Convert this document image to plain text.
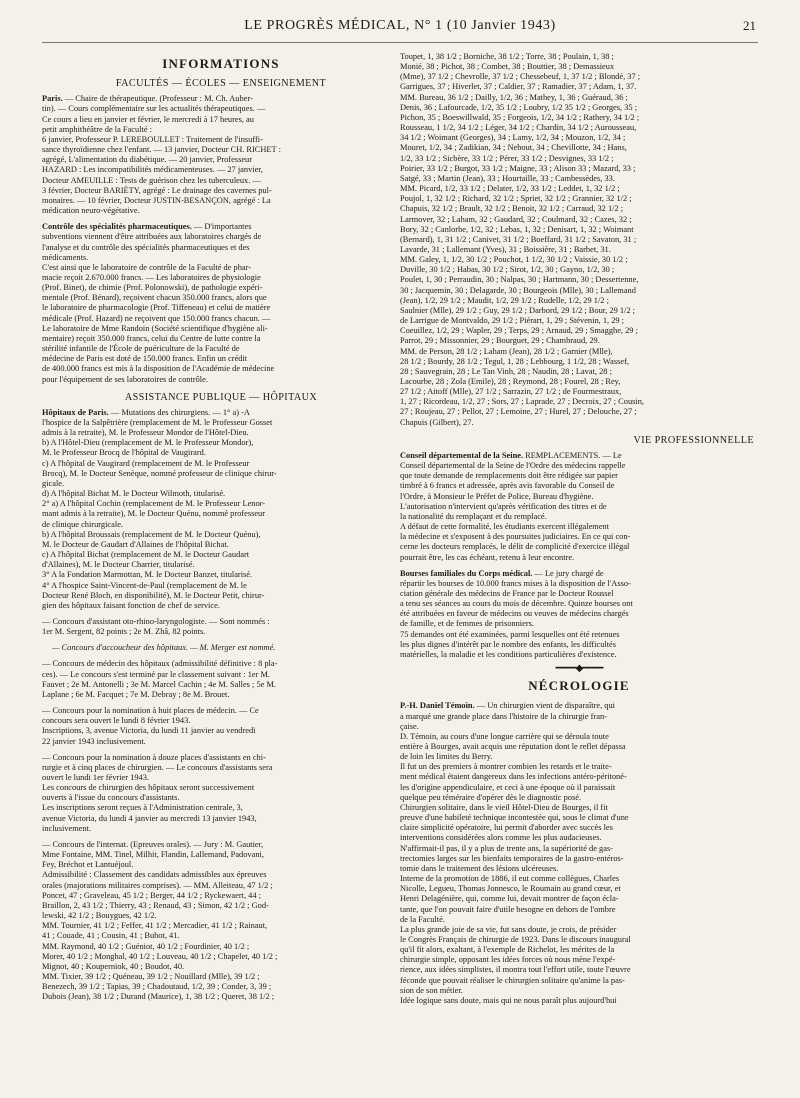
LE PROGRÈS MÉDICAL, N° 1 (10 Janvier 1943)	21
INFORMATIONS
FACULTÉS — ÉCOLES — ENSEIGNEMENT
Paris. — Chaire de thérapeutique. (Professeur : M. Ch. Auber-

tin). — Cours complémentaire sur les actualités thérapeutiques. —

Ce cours a lieu en janvier et février, le mercredi à 17 heures, au

petit amphithéâtre de la Faculté :

6 janvier, Professeur P. LEREBOULLET : Traitement de l'insuffi-

sance thyroïdienne chez l'enfant. — 13 janvier, Docteur CH. RICHET :

agrégé, L'alimentation du diabétique. — 20 janvier, Professeur

HAZARD : Les incompatibilités médicamenteuses. — 27 janvier,

Docteur AMEUILLE : Tests de guérison chez les tuberculeux. —

3 février, Docteur BARIÉTY, agrégé : Le drainage des cavernes pul-

monaires. — 10 février, Docteur JUSTIN-BESANÇON, agrégé : La

médication neuro-végétative.

Contrôle des spécialités pharmaceutiques. — D'importantes

subventions viennent d'être attribuées aux laboratoires chargés de

l'analyse et du contrôle des spécialités pharmaceutiques et des

médicaments.

C'est ainsi que le laboratoire de contrôle de la Faculté de phar-

macie reçoit 2.670.000 francs. — Les laboratoires de physiologie

(Prof. Binet), de chimie (Prof. Polonowski), de pathologie expéri-

mentale (Prof. Bénard), reçoivent chacun 350.000 francs, alors que

le laboratoire de pharmacologie (Prof. Tiffeneau) et celui de matière

médicale (Prof. Hazard) ne reçoivent que 150.000 francs chacun. —

Le laboratoire de Mme Randoin (Société scientifique d'hygiène ali-

mentaire) reçoit 350.000 francs, celui du Centre de lutte contre la

stérilité infantile de l'École de puériculture de la Faculté de

médecine de Paris est doté de 150.000 francs. Enfin un crédit

de 400.000 francs est mis à la disposition de l'Académie de médecine

pour l'équipement de ses laboratoires de contrôle.

ASSISTANCE PUBLIQUE — HÔPITAUX
Hôpitaux de Paris. — Mutations des chirurgiens. — 1° a) -A

l'hospice de la Salpêtrière (remplacement de M. le Professeur Gosset

admis à la retraite), M. le Professeur Mondor de l'Hôtel-Dieu.

b) A l'Hôtel-Dieu (remplacement de M. le Professeur Mondor),

M. le Professeur Brocq de l'hôpital de Vaugirard.

c) A l'hôpital de Vaugirard (remplacement de M. le Professeur

Brocq), M. le Docteur Senèque, nommé professeur de clinique chirur-

gicale.

d) A l'hôpital Bichat M. le Docteur Wilmoth, titularisé.

2° a) A l'hôpital Cochin (remplacement de M. le Professeur Lenor-

mant admis à la retraite), M. le Docteur Quénu, nommé professeur

de clinique chirurgicale.

b) A l'hôpital Broussais (remplacement de M. le Docteur Quénu),

M. le Docteur de Gaudart d'Allaines de l'hôpital Bichat.

c) A l'hôpital Bichat (remplacement de M. le Docteur Gaudart

d'Allaines), M. le Docteur Charrier, titularisé.

3° A la Fondation Marmottan, M. le Docteur Banzet, titularisé.

4° A l'hospice Saint-Vincent-de-Paul (remplacement de M. le

Docteur René Bloch, en disponibilité), M. le Docteur Petit, chirur-

gien des hôpitaux faisant fonction de chef de service.

— Concours d'assistant oto-rhino-laryngologiste. — Sont nommés :

1er M. Sergent, 82 points ; 2e M. Zhâ, 82 points.

— Concours d'accoucheur des hôpitaux. — M. Merger est nommé.

— Concours de médecin des hôpitaux (admissibilité définitive : 8 pla-

ces). — Le concours s'est terminé par le classement suivant : 1er M.

Fauvet ; 2e M. Antonelli ; 3e M. Marcel Cachin ; 4e M. Salles ; 5e M.

Laplane ; 6e M. Facquet ; 7e M. Debray ; 8e M. Brouet.

— Concours pour la nomination à huit places de médecin. — Ce

concours sera ouvert le lundi 8 février 1943.

Inscriptions, 3, avenue Victoria, du lundi 11 janvier au vendredi

22 janvier 1943 inclusivement.

— Concours pour la nomination à douze places d'assistants en chi-

rurgie et à cinq places de chirurgien. — Le concours d'assistants sera

ouvert le lundi 1er février 1943.

Les concours de chirurgien des hôpitaux seront successivement

ouverts à l'issue du concours d'assistants.

Les inscriptions seront reçues à l'Administration centrale, 3,

avenue Victoria, du lundi 4 janvier au mercredi 13 janvier 1943,

inclusivement.

— Concours de l'internat. (Epreuves orales). — Jury : M. Gautier,

Mme Fontaine, MM. Tinel, Milhit, Flandin, Lallemand, Padovani,

Fey, Bréchot et Lantuéjoul.

Admissibilité : Classement des candidats admissibles aux épreuves

orales (majorations militaires comprises). — MM. Alleiteau, 47 1/2 ;

Poncet, 47 ; Graveleau, 45 1/2 ; Berger, 44 1/2 ; Ryckewaert, 44 ;

Braillon, 2, 43 1/2 ; Thierry, 43 ; Renaud, 43 ; Simon, 42 1/2 ; God-

lewski, 42 1/2 ; Bouygues, 42 1/2.

MM. Tournier, 41 1/2 ; Feffer, 41 1/2 ; Mercadier, 41 1/2 ; Rainaut,

41 ; Couade, 41 ; Cousin, 41 ; Buhot, 41.

MM. Raymond, 40 1/2 ; Guéniot, 40 1/2 ; Fourdinier, 40 1/2 ;

Morer, 40 1/2 ; Monghal, 40 1/2 ; Louveau, 40 1/2 ; Chapelet, 40 1/2 ;

Mignot, 40 ; Kouperniok, 40 ; Boudot, 40.

MM. Tixier, 39 1/2 ; Quéneau, 39 1/2 ; Nouillard (Mlle), 39 1/2 ;

Benezech, 39 1/2 ; Tapias, 39 ; Chadoutaud, 1/2, 39 ; Conder, 3, 39 ;

Dubois (Jean), 38 1/2 ; Durand (Maurice), 1, 38 1/2 ; Queret, 38 1/2 ;

Toupet, 1, 38 1/2 ; Borniche, 38 1/2 ; Torre, 38 ; Poulain, 1, 38 ;

Monié, 38 ; Pichot, 38 ; Combet, 38 ; Bouttier, 38 ; Demassieux

(Mme), 37 1/2 ; Chevrolle, 37 1/2 ; Chessebeuf, 1, 37 1/2 ; Blondé, 37 ;

Garrigues, 37 ; Hiverlet, 37 ; Caldier, 37 ; Ramadier, 37 ; Adam, 1, 37.

MM. Bureau, 36 1/2 ; Dailly, 1/2, 36 ; Mathey, 1, 36 ; Guéraud, 36 ;

Denis, 36 ; Lafourcade, 1/2, 35 1/2 ; Loubry, 1/2 35 1/2 ; Georges, 35 ;

Pichon, 35 ; Boeswillwald, 35 ; Forgeois, 1/2, 34 1/2 ; Rathery, 34 1/2 ;

Rousseau, 1 1/2, 34 1/2 ; Léger, 34 1/2 ; Chardin, 34 1/2 ; Aurousseau,

34 1/2 ; Woimant (Georges), 34 ; Lamy, 1/2, 34 ; Mouzon, 1/2, 34 ;

Mouret, 1/2, 34 ; Zadikian, 34 ; Nebout, 34 ; Chevillotte, 34 ; Hans,

1/2, 33 1/2 ; Sicbère, 33 1/2 ; Pérer, 33 1/2 ; Desvignes, 33 1/2 ;

Poirier, 33 1/2 ; Burgot, 33 1/2 ; Maigne, 33 ; Alison 33 ; Mazard, 33 ;

Satgé, 33 ; Martin (Jean), 33 ; Hourtaille, 33 ; Cambessèdes, 33.

MM. Picard, 1/2, 33 1/2 ; Delater, 1/2, 33 1/2 ; Leddet, 1, 32 1/2 ;

Poujol, 1, 32 1/2 ; Richard, 32 1/2 ; Spriet, 32 1/2 ; Grannier, 32 1/2 ;

Chapuis, 32 1/2 ; Brault, 32 1/2 ; Benoit, 32 1/2 ; Carraud, 32 1/2 ;

Larmover, 32 ; Laham, 32 ; Gaudard, 32 ; Coulmard, 32 ; Cazes, 32 ;

Bory, 32 ; Canlorbe, 1/2, 32 ; Lebas, 1, 32 ; Denisart, 1, 32 ; Woimant

(Bernard), 1, 31 1/2 ; Canivet, 31 1/2 ; Boeffard, 31 1/2 ; Savaton, 31 ;

Lavarde, 31 ; Lallemant (Yves), 31 ; Boissière, 31 ; Barbet, 31.

MM. Galey, 1, 1/2, 30 1/2 ; Pouchot, 1 1/2, 30 1/2 ; Vaissie, 30 1/2 ;

Duville, 30 1/2 ; Habas, 30 1/2 ; Sirot, 1/2, 30 ; Gayno, 1/2, 30 ;

Poulet, 1, 30 ; Perraudin, 30 ; Nalpas, 30 ; Hartmann, 30 ; Dessertenne,

30 ; Jacquemin, 30 ; Delagarde, 30 ; Bourgeois (Mlle), 30 ; Lallemand

(Jean), 1/2, 29 1/2 ; Maudit, 1/2, 29 1/2 ; Rudelle, 1/2, 29 1/2 ;

Saulnier (Mlle), 29 1/2 ; Guy, 29 1/2 ; Darbord, 29 1/2 ; Bour, 29 1/2 ;

de Larrigue de Montvaldo, 29 1/2 ; Piérart, 1, 29 ; Stévenin, 1, 29 ;

Coeuillez, 1/2, 29 ; Wapler, 29 ; Terps, 29 ; Arnaud, 29 ; Smagghe, 29 ;

Parrot, 29 ; Missonnier, 29 ; Bourguet, 29 ; Chambraud, 29.

MM. de Person, 28 1/2 ; Laham (Jean), 28 1/2 ; Garnier (Mlle),

28 1/2 ; Bourdy, 28 1/2 ; Tegul, 1, 28 ; Lebbourg, 1 1/2, 28 ; Wassef,

28 ; Sauvegrain, 28 ; Le Tan Vinh, 28 ; Naudin, 28 ; Lavat, 28 ;

Lacourbe, 28 ; Zola (Emile), 28 ; Reymond, 28 ; Fourel, 28 ; Rey,

27 1/2 ; Aitoff (Mlle), 27 1/2 ; Sarrazin, 27 1/2 ; de Fourmestraux,

1, 27 ; Ricordeau, 1/2, 27 ; Sors, 27 ; Laprade, 27 ; Decroix, 27 ; Cousin,

27 ; Roujeau, 27 ; Pellot, 27 ; Lemoine, 27 ; Hurel, 27 ; Delouche, 27 ;

Chapuis (Gilbert), 27.

VIE PROFESSIONNELLE
Conseil départemental de la Seine. REMPLACEMENTS. — Le

Conseil départemental de la Seine de l'Ordre des médecins rappelle

que toute demande de remplacements doit être rédigée sur papier

timbré à 6 francs et adressée, après avis favorable du Conseil de

l'Ordre, à Monsieur le Préfet de Police, Bureau d'hygiène.

L'autorisation n'intervient qu'après vérification des titres et de

la nationalité du remplaçant et du remplacé.

A défaut de cette formalité, les étudiants exercent illégalement

la médecine et s'exposent à des poursuites judiciaires. En ce qui con-

cerne les docteurs remplacés, le délit de complicité d'exercice illégal

pourrait être, les cas échéant, retenu à leur encontre.

Bourses familiales du Corps médical. — Le jury chargé de

répartir les bourses de 10.000 francs mises à la disposition de l'Asso-

ciation générale des médecins de France par le Docteur Roussel

a tenu ses séances au cours du mois de décembre. Quinze bourses ont

été attribuées en faveur de médecins ou veuves de médecins chargés

de famille, et de femmes de prisonniers.

75 demandes ont été examinées, parmi lesquelles ont été retenues

les plus dignes d'intérêt par le nombre des enfants, les difficultés

matérielles, la maladie et les conditions particulières d'existence.

━━━━◆━━━━
NÉCROLOGIE
P.-H. Daniel Témoin. — Un chirurgien vient de disparaître, qui

a marqué une grande place dans l'histoire de la chirurgie fran-

çaise.

D. Témoin, au cours d'une longue carrière qui se déroula toute

entière à Bourges, avait acquis une réputation dont le reflet dépassa

de loin les limites du Berry.

Il fut un des premiers à montrer combien les retards et le traite-

ment médical étaient dangereux dans les infections antéro-péritoné-

les d'origine appendiculaire, et ceci à une époque où il paraissait

quelque peu téméraire d'opérer dès le diagnostic posé.

Chirurgien solitaire, dans le vieil Hôtel-Dieu de Bourges, il fit

preuve d'une habileté technique incontestée qui, sous le climat d'une

claire simplicité opératoire, lui permit d'aborder avec succès les

interventions considérées alors comme les plus audacieuses.

N'affirmait-il pas, il y a plus de trente ans, la supériorité de gas-

trectomies larges sur les bienfaits temporaires de la gastro-entéros-

tomie dans le traitement des lésions ulcéreuses.

Interne de la promotion de 1886, il eut comme collègues, Charles

Nicolle, Legueu, Thomas Jonnesco, le Roumain au grand cœur, et

Henri Delagénière, qui, comme lui, devait montrer de façon écla-

tante, que l'on pouvait faire d'utile besogne en dehors de l'ombre

de la Faculté.

La plus grande joie de sa vie, fut sans doute, je crois, de présider

le Congrès Français de chirurgie de 1923. Dans le discours inaugural

qu'il fit alors, exaltant, à l'exemple de Richelot, les mérites de la

chirurgie simple, opposant les idées forces où nous mène l'expé-

rience, aux idées simplistes, il montra tout l'effort utile, toute l'œuvre

féconde que pouvait réaliser le chirurgien solitaire qu'anime la pas-

sion de son métier.

Idée logique sans doute, mais qui ne nous paraît plus aujourd'hui
